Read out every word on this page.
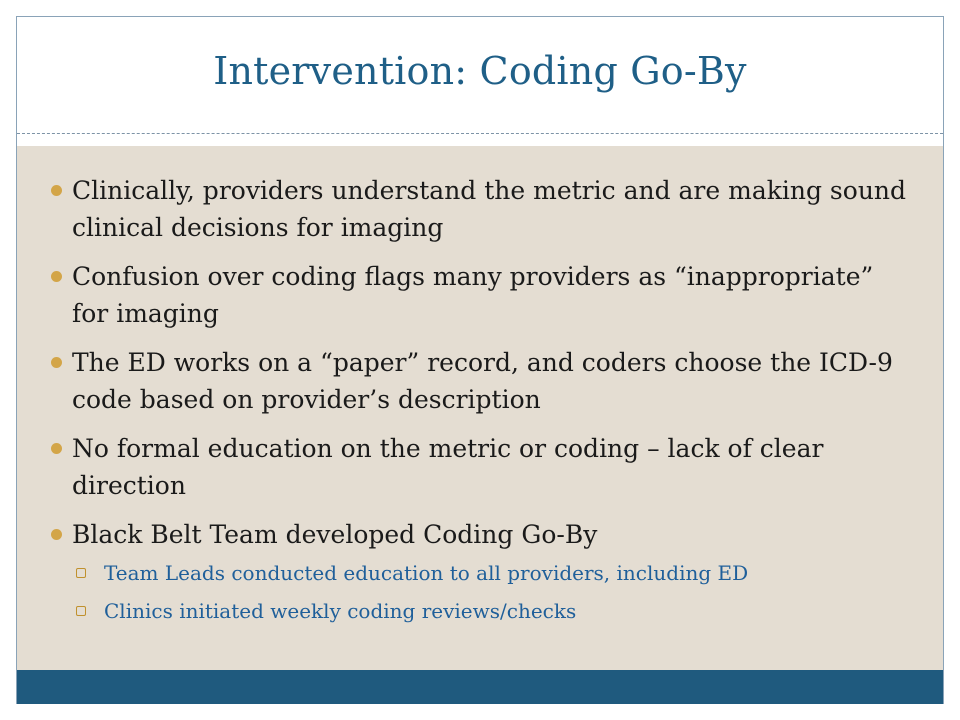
Intervention: Coding Go-By
Clinically, providers understand the metric and are making sound clinical decisions for imaging
Confusion over coding flags many providers as “inappropriate” for imaging
The ED works on a “paper” record, and coders choose the ICD-9 code based on provider’s description
No formal education on the metric or coding – lack of clear direction
Black Belt Team developed Coding Go-By
Team Leads conducted education to all providers, including ED
Clinics initiated weekly coding reviews/checks
